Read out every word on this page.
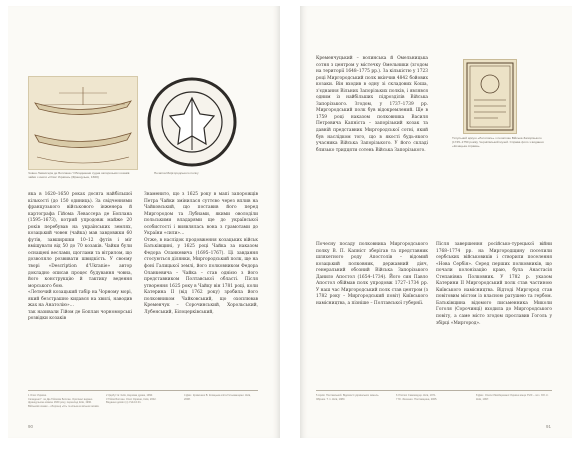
Човен Левассера де Боплана / Обладнання судна запорозьких козаків чайки з книги «Опис України» (Французьке, 1660)
Печатка Миргородського полку
яка в 1620–1650 роках досяга найбільшої кількості (до 150 одиниць). За свідченнями французького військового інженера й картографа Гійома Левассера де Боплана (1595–1673), котрий упродовж майже 20 років перебував на українських землях, козацький човен (чайка) мав завдовжки 60 футів, завширшки 10–12 футів і міг вміщувати від 50 до 70 козаків. Чайки були оснащені веслами, щоглами та вітрилом, що дозволяло розвивати швидкість. У своєму творі «Description d'Ukranie» автор докладно описав процес будування човна, його конструкцію й тактику ведення морського бою.
«Летючий козацький табір на Чорному морі, який безстрашно кидався на хвилі, наводив жах на Анатолію»…
так називали Гійом де Боплан чорноморські розвідки козаків
Знаменито, що з 1625 року в мапі запорожців Петра Чайки змінилася суттєво через вплив на Чайковський, що поставив його перед Миргородом та Лубнами, якими оволоділи польськими владарями ще до української особистості і виявлялась вона з грамотами до України «сили»…
Отже, в наслідок продовження козацьких військ Батьківщині, у 1625 році Чайка за наказом Федора Оланкевича (1695–1767). Ці завдання стосуються ділянки, Миргородський полк, ще на фоні Галицької землі, його полковником Федора Оланкевича – Чайка – став однією з його представником Полтавської області. Після утворення 1625 року в Чайку він 1781 році, коли Катерина II (від 1762 року) зробила його полковником Чайковський, що охоплював Кременчук – Сорочинський, Хорольський, Лубенський, Білоцерківський,
1 Опис України.
Складено Г. ле Дю Гійомом Боплан. Оригінал видано французькою мовою 1660 року, переклад Київ, 1990.
Військові козаки – оборонці «Сі» та кілька ж вільних вояків.
2 Здобуття: Київ, Наукова думка, 1990.
3 Гійом Боплан. Опис України, Київ, 2002.
Видання дозвіл (з) УНІ-10.01.
4 Див.: Кривошея В. Козацька еліта Гетьманщини. Київ, 2008.
90
Кременчуцький – волинська й Омельницька сотня з центром у містечку Омельники (згодом на території 1648–1775 рр.). За кількістю у 1723 році Миргородський полк вкінчив 4842 бойових козаки. Він входив в одну зі складових Коша, з'єднання Вільних Запорізьких полків, і являвся одним із найбільших підрозділів Війська Запорізького. Згодом, у 1737–1739 рр. Миргородський полк був відокремлений. Ще в 1759 році наказом полковника Василя Петровича Капніста – запорізький козак та давній представник Миргородської сотні, який був наслідком того, що в якості будь-якого учасника Війська Запорізького. У його складі близько тридцяти сотень Війська Запорізького.
Титульний аркуш «Летопись» з печаткою Війська Запорізького (1745–1750 років), Чернігівський музей. Справа фото з видання «Козацька справа».
Почесну посаду полковника Миргородського полку В. П. Капніст зберігав та представник шляхетного роду Апостолів – відомий козацький полковник, державний діяч, генеральний обозний Війська Запорізького Данило Апостол (1654–1734). Його син Павло Апостол обіймав полк упродовж 1727–1734 рр. У наш час Миргородський полк став центром (з 1782 року – Миргородський повіт) Київського намісництва, а пізніше – Полтавської губернії.
Після завершення російсько-турецької війни 1768–1774 рр. на Миргородщину поселили сербських військовиків і створили поселення «Нова Сербія». Серед перших полковників, що почали колонізацію краю, була Анастасія Степанівна Полковник. У 1782 р. указом Катерини II Миргородський полк став частиною Київського намісництва. Відтоді Миргород став повітовим містом із власною ратушею та гербом. Батьківщина відомого письменника Миколи Гоголя (Сорочинці) входила до Миргородського повіту, а саме місто згодом прославив Гоголь у збірці «Миргород».
5 Архів: Полтавський. Відомості українських земель.
Збірник. Т. 1. Київ, 1980.
6 Літопис Самовидця. Київ, 1971.
7 Ю. Зінченко. Полтавщина, 2005.
8 Див.: Описи Лівобережної України кінця XVIII – поч. XIX ст. Київ, 1997.
91
